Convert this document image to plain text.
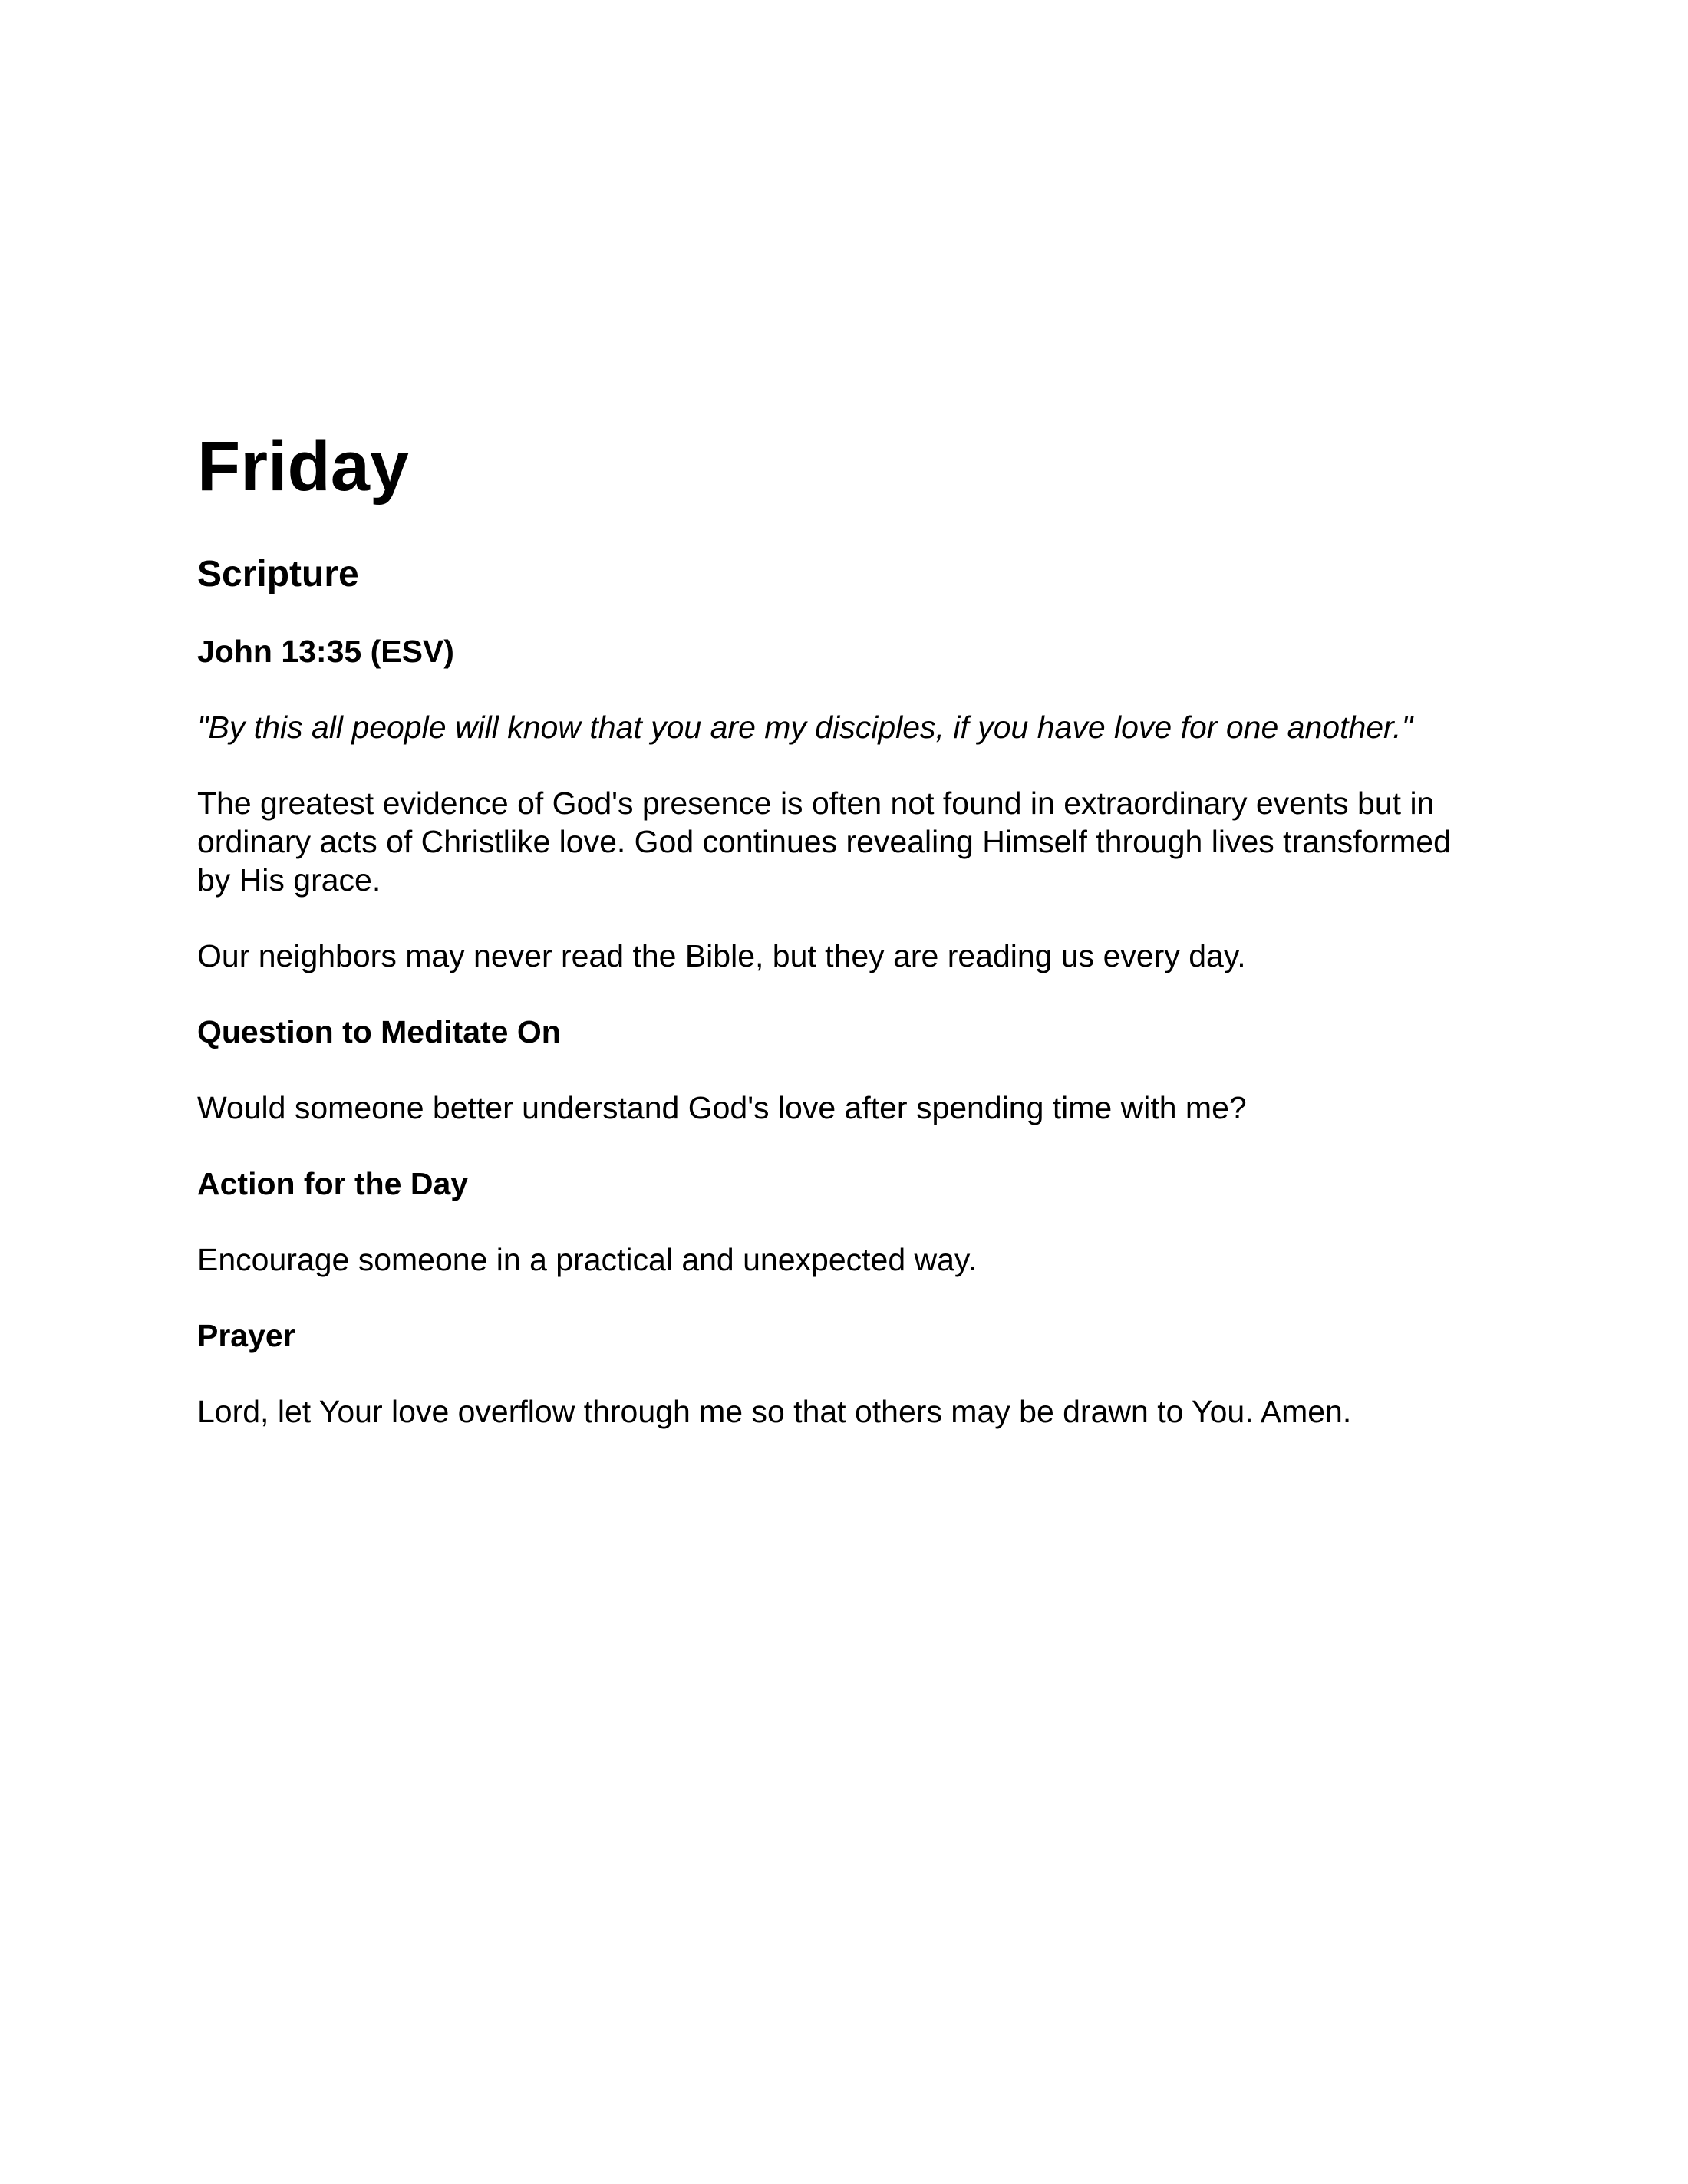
Friday
Scripture

John 13:35 (ESV)

"By this all people will know that you are my disciples, if you have love for one another."

The greatest evidence of God's presence is often not found in extraordinary events but in ordinary acts of Christlike love. God continues revealing Himself through lives transformed by His grace.

Our neighbors may never read the Bible, but they are reading us every day.

Question to Meditate On

Would someone better understand God's love after spending time with me?

Action for the Day

Encourage someone in a practical and unexpected way.

Prayer

Lord, let Your love overflow through me so that others may be drawn to You. Amen.
